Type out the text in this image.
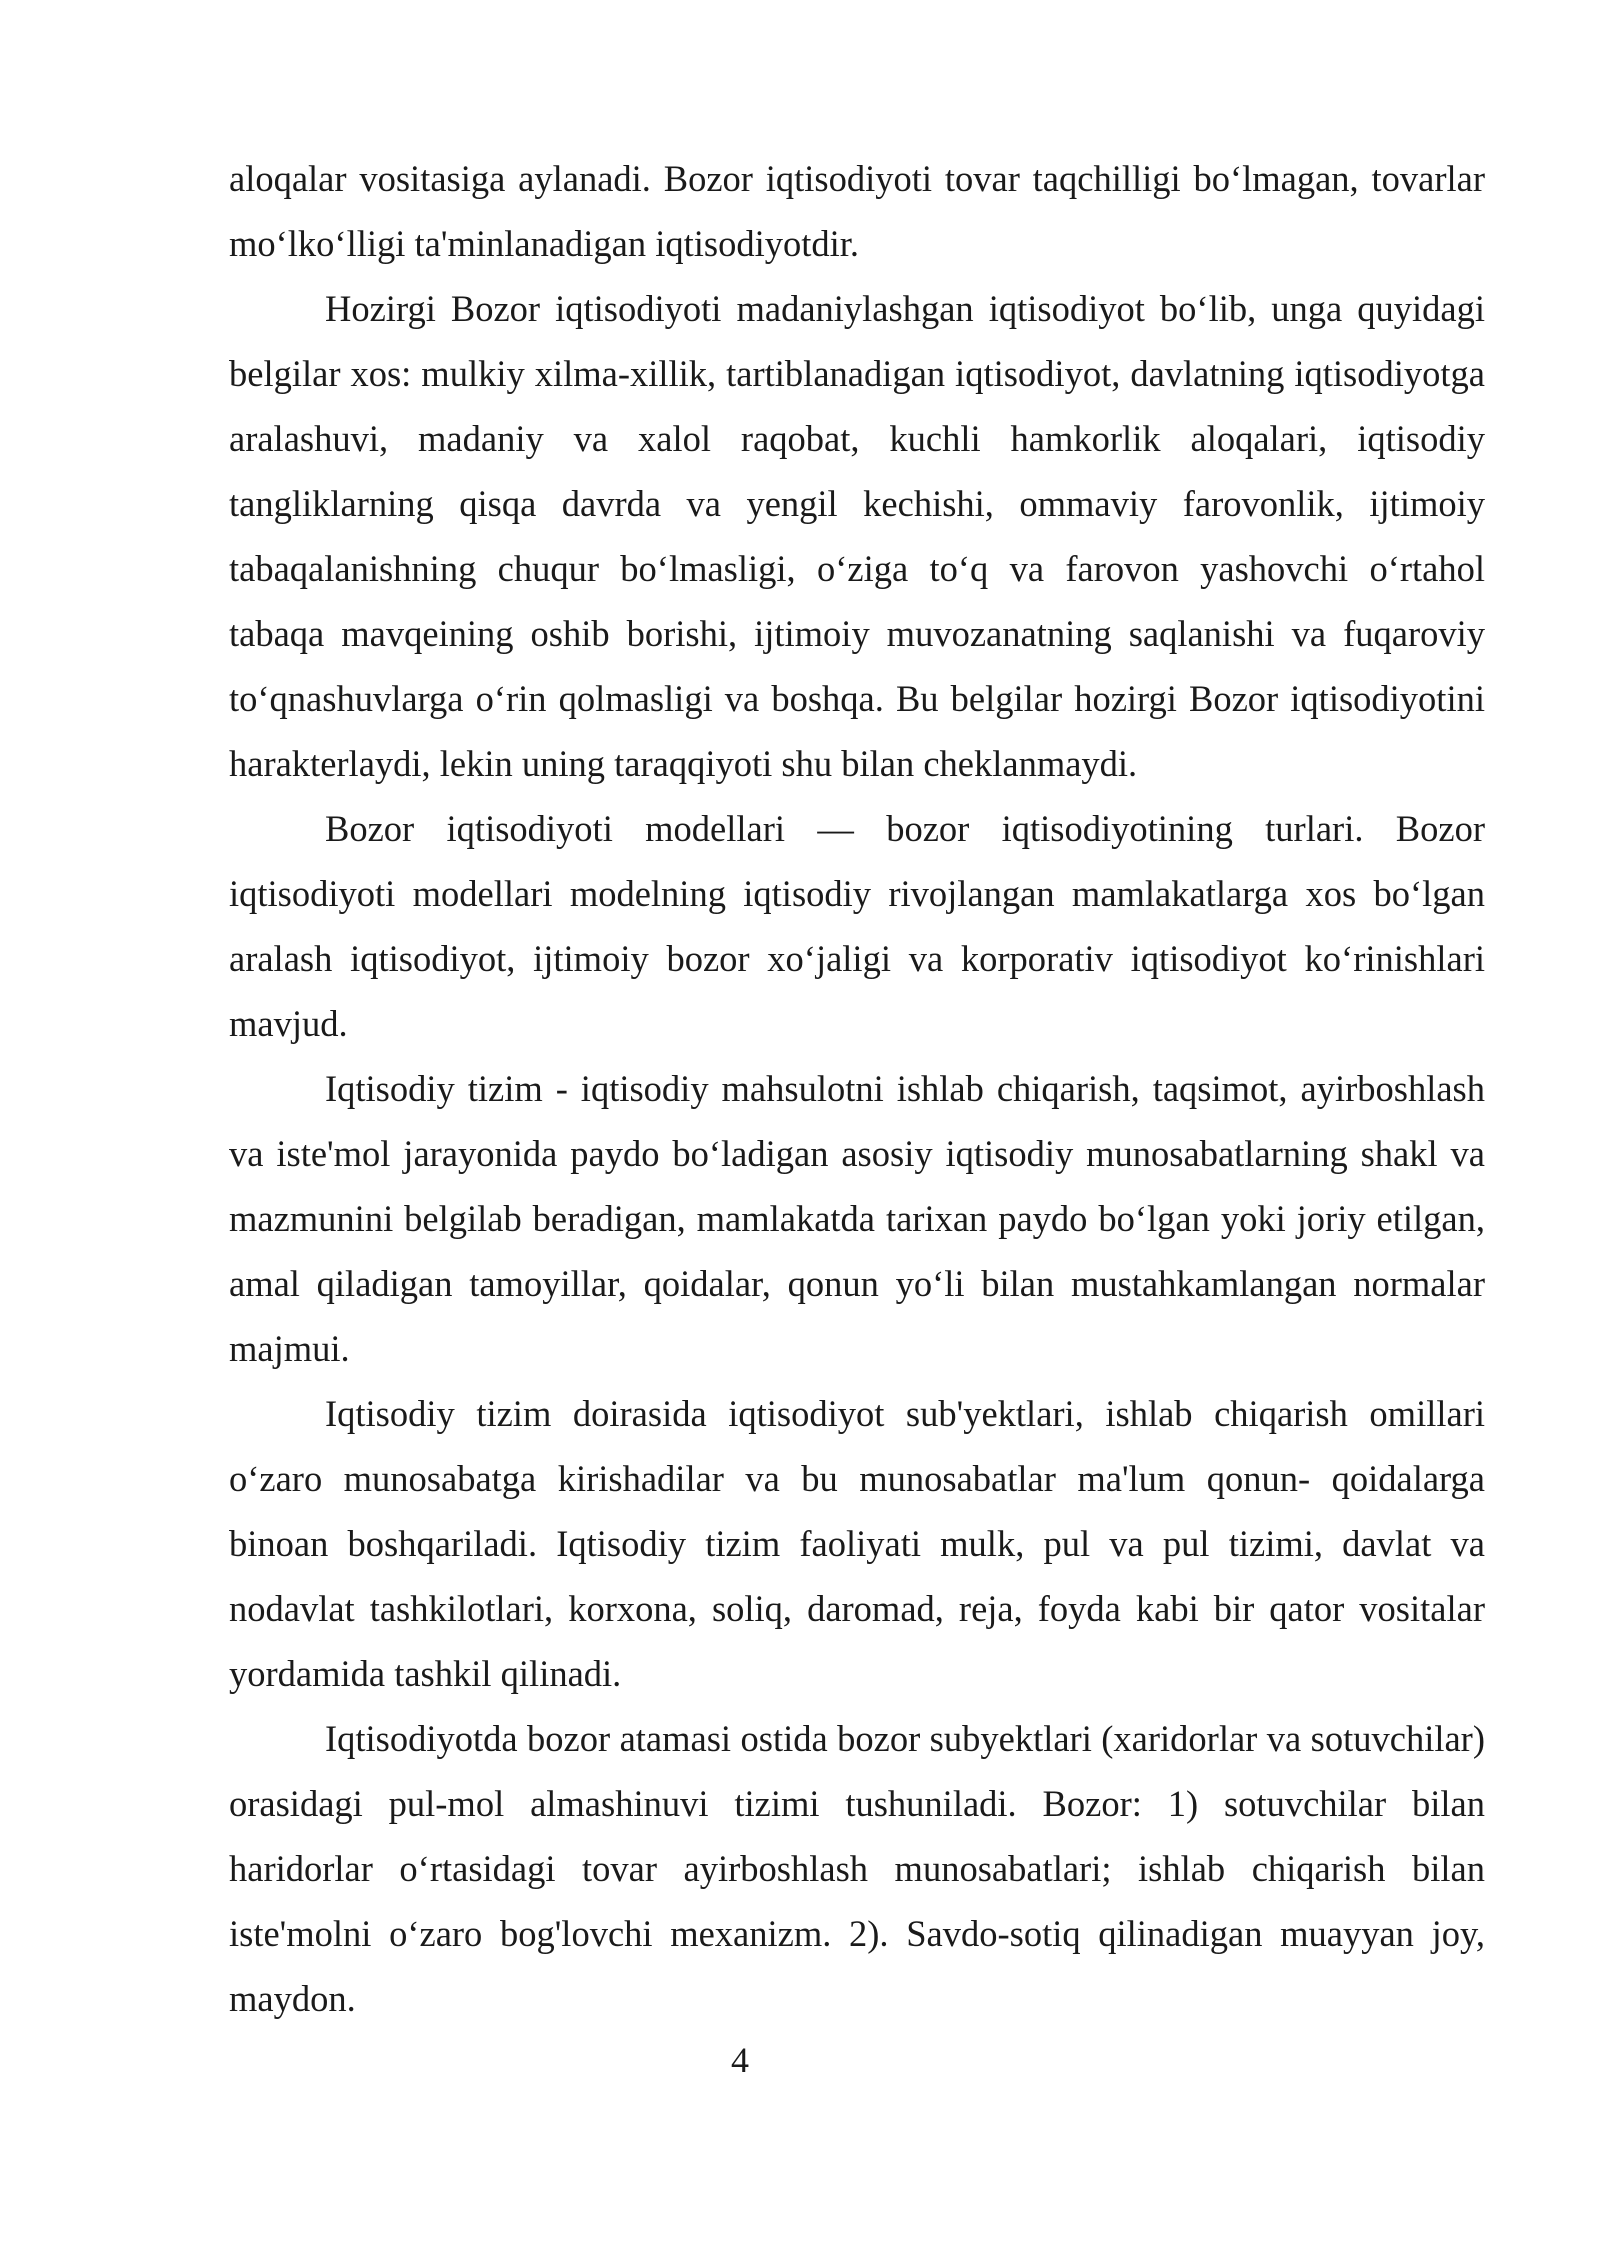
aloqalar vositasiga aylanadi. Bozor iqtisodiyoti tovar taqchilligi bo‘lmagan, tovarlar mo‘lko‘lligi ta'minlanadigan iqtisodiyotdir.

Hozirgi Bozor iqtisodiyoti madaniylashgan iqtisodiyot bo‘lib, unga quyidagi belgilar xos: mulkiy xilma-xillik, tartiblanadigan iqtisodiyot, davlatning iqtisodiyotga aralashuvi, madaniy va xalol raqobat, kuchli hamkorlik aloqalari, iqtisodiy tangliklarning qisqa davrda va yengil kechishi, ommaviy farovonlik, ijtimoiy tabaqalanishning chuqur bo‘lmasligi, o‘ziga to‘q va farovon yashovchi o‘rtahol tabaqa mavqeining oshib borishi, ijtimoiy muvozanatning saqlanishi va fuqaroviy to‘qnashuvlarga o‘rin qolmasligi va boshqa. Bu belgilar hozirgi Bozor iqtisodiyotini harakterlaydi, lekin uning taraqqiyoti shu bilan cheklanmaydi.

Bozor iqtisodiyoti modellari — bozor iqtisodiyotining turlari. Bozor iqtisodiyoti modellari modelning iqtisodiy rivojlangan mamlakatlarga xos bo‘lgan aralash iqtisodiyot, ijtimoiy bozor xo‘jaligi va korporativ iqtisodiyot ko‘rinishlari mavjud.

Iqtisodiy tizim - iqtisodiy mahsulotni ishlab chiqarish, taqsimot, ayirboshlash va iste'mol jarayonida paydo bo‘ladigan asosiy iqtisodiy munosabatlarning shakl va mazmunini belgilab beradigan, mamlakatda tarixan paydo bo‘lgan yoki joriy etilgan, amal qiladigan tamoyillar, qoidalar, qonun yo‘li bilan mustahkamlangan normalar majmui.

Iqtisodiy tizim doirasida iqtisodiyot sub'yektlari, ishlab chiqarish omillari o‘zaro munosabatga kirishadilar va bu munosabatlar ma'lum qonun- qoidalarga binoan boshqariladi. Iqtisodiy tizim faoliyati mulk, pul va pul tizimi, davlat va nodavlat tashkilotlari, korxona, soliq, daromad, reja, foyda kabi bir qator vositalar yordamida tashkil qilinadi.

Iqtisodiyotda bozor atamasi ostida bozor subyektlari (xaridorlar va sotuvchilar) orasidagi pul-mol almashinuvi tizimi tushuniladi. Bozor: 1) sotuvchilar bilan haridorlar o‘rtasidagi tovar ayirboshlash munosabatlari; ishlab chiqarish bilan iste'molni o‘zaro bog'lovchi mexanizm. 2). Savdo-sotiq qilinadigan muayyan joy, maydon.

4
